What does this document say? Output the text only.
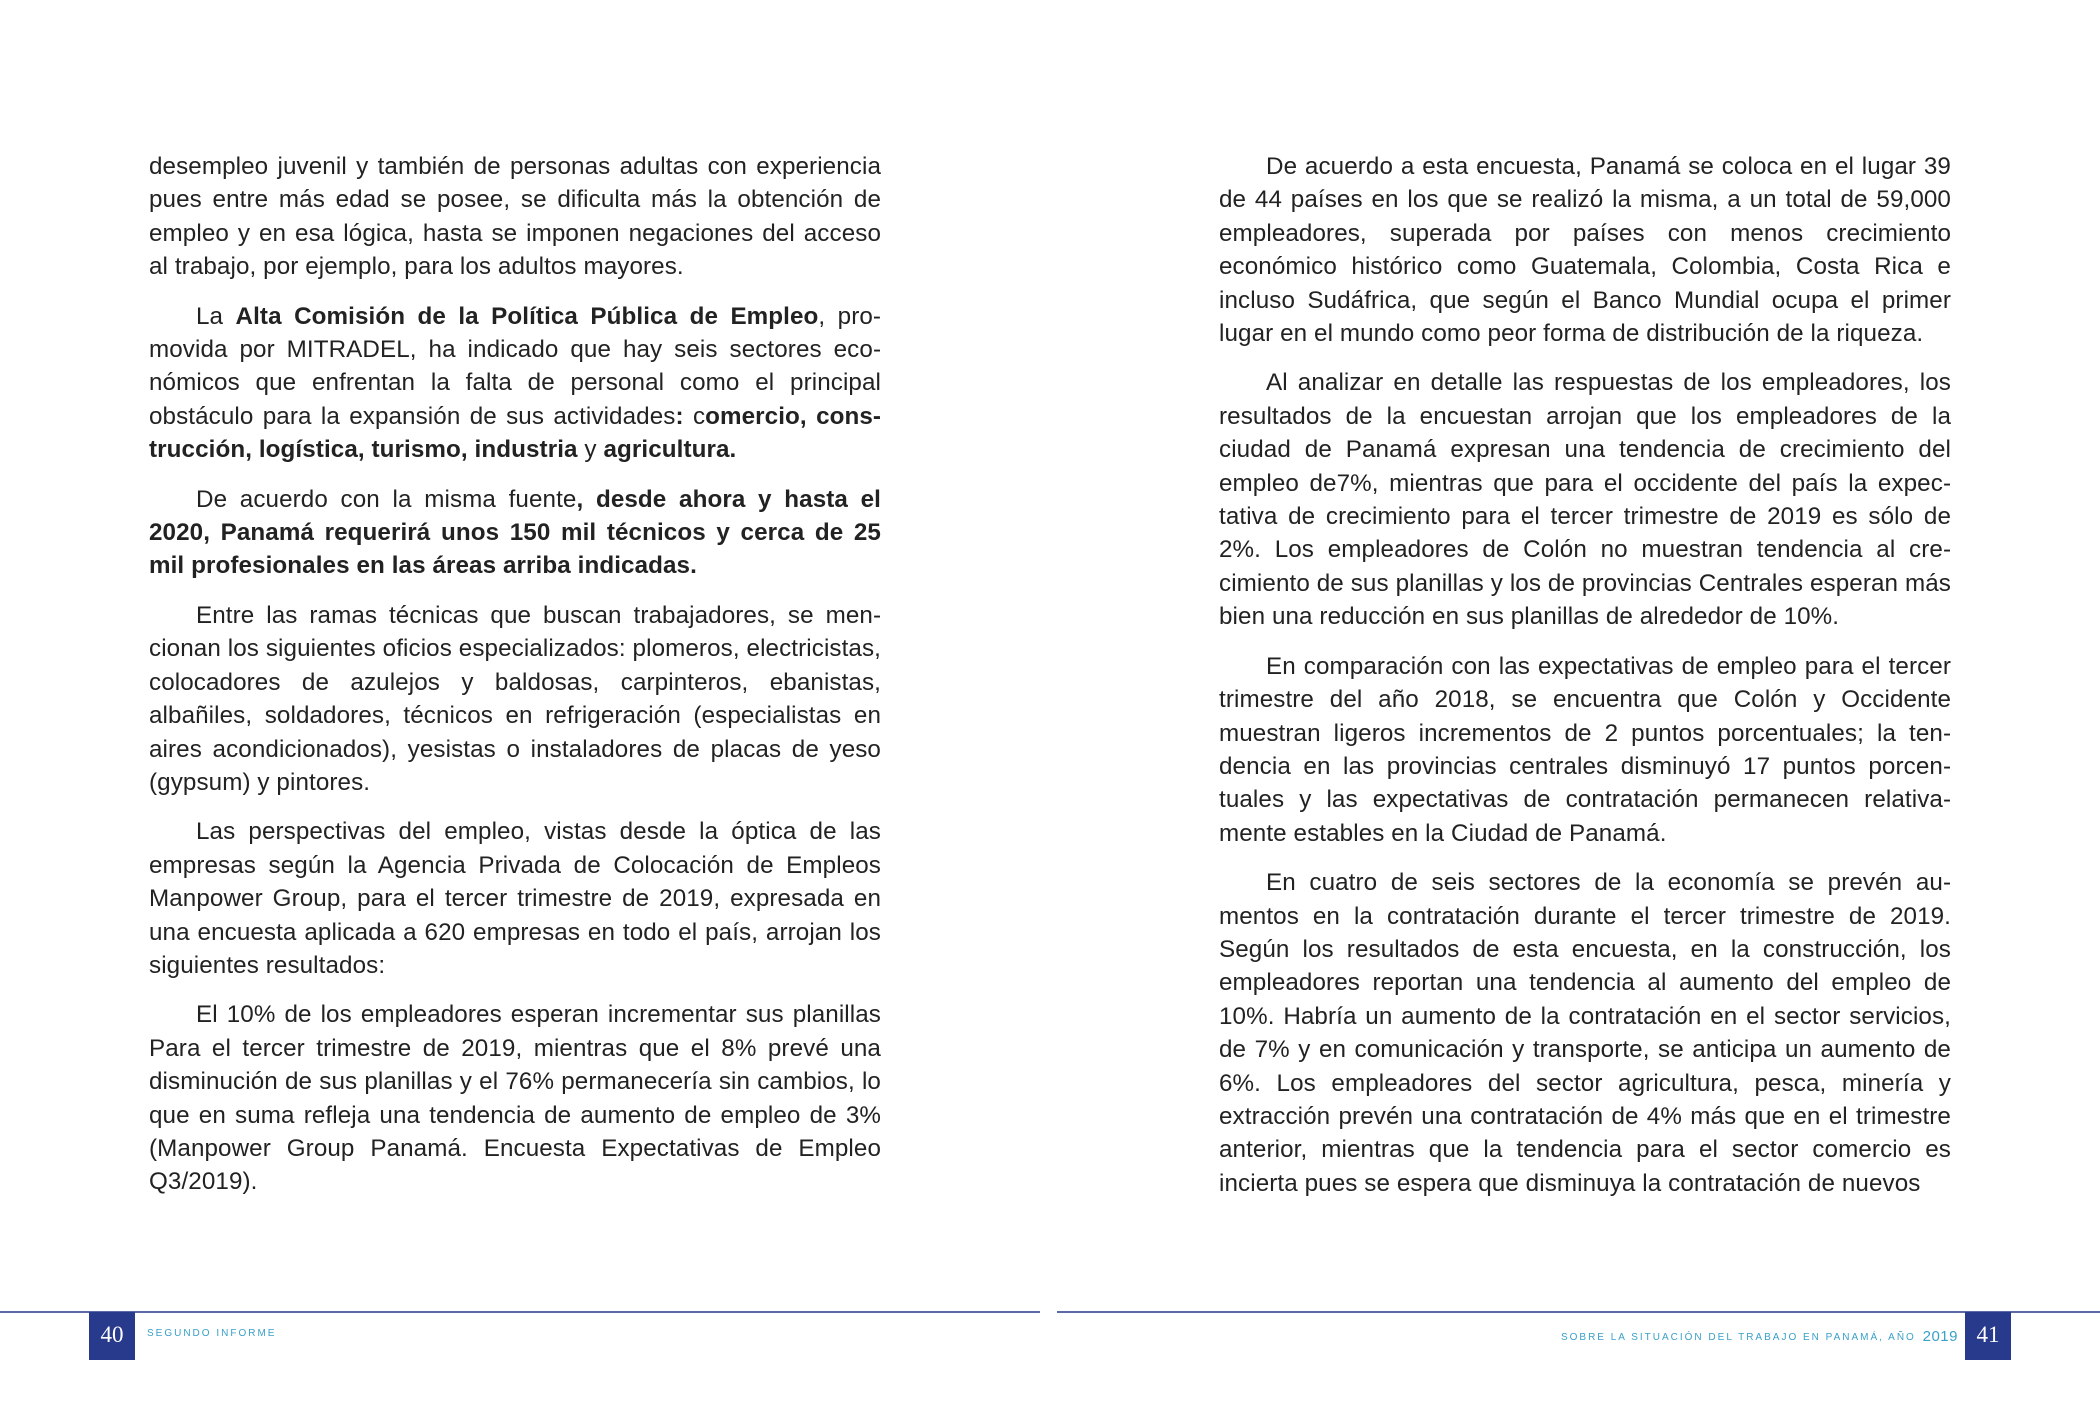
desempleo juvenil y también de personas adultas con experiencia pues entre más edad se posee, se dificulta más la obtención de empleo y en esa lógica, hasta se imponen negaciones del acceso al trabajo, por ejemplo, para los adultos mayores.

La Alta Comisión de la Política Pública de Empleo, promovida por MITRADEL, ha indicado que hay seis sectores económicos que enfrentan la falta de personal como el principal obstáculo para la expansión de sus actividades: comercio, construcción, logística, turismo, industria y agricultura.

De acuerdo con la misma fuente, desde ahora y hasta el 2020, Panamá requerirá unos 150 mil técnicos y cerca de 25 mil profesionales en las áreas arriba indicadas.

Entre las ramas técnicas que buscan trabajadores, se mencionan los siguientes oficios especializados: plomeros, electricistas, colocadores de azulejos y baldosas, carpinteros, ebanistas, albañiles, soldadores, técnicos en refrigeración (especialistas en aires acondicionados), yesistas o instaladores de placas de yeso (gypsum) y pintores.

Las perspectivas del empleo, vistas desde la óptica de las empresas según la Agencia Privada de Colocación de Empleos Manpower Group, para el tercer trimestre de 2019, expresada en una encuesta aplicada a 620 empresas en todo el país, arrojan los siguientes resultados:

El 10% de los empleadores esperan incrementar sus planillas Para el tercer trimestre de 2019, mientras que el 8% prevé una disminución de sus planillas y el 76% permanecería sin cambios, lo que en suma refleja una tendencia de aumento de empleo de 3% (Manpower Group Panamá. Encuesta Expectativas de Empleo Q3/2019).

40	SEGUNDO INFORME

De acuerdo a esta encuesta, Panamá se coloca en el lugar 39 de 44 países en los que se realizó la misma, a un total de 59,000 empleadores, superada por países con menos crecimiento económico histórico como Guatemala, Colombia, Costa Rica e incluso Sudáfrica, que según el Banco Mundial ocupa el primer lugar en el mundo como peor forma de distribución de la riqueza.

Al analizar en detalle las respuestas de los empleadores, los resultados de la encuestan arrojan que los empleadores de la ciudad de Panamá expresan una tendencia de crecimiento del empleo de7%, mientras que para el occidente del país la expectativa de crecimiento para el tercer trimestre de 2019 es sólo de 2%. Los empleadores de Colón no muestran tendencia al crecimiento de sus planillas y los de provincias Centrales esperan más bien una reducción en sus planillas de alrededor de 10%.

En comparación con las expectativas de empleo para el tercer trimestre del año 2018, se encuentra que Colón y Occidente muestran ligeros incrementos de 2 puntos porcentuales; la tendencia en las provincias centrales disminuyó 17 puntos porcentuales y las expectativas de contratación permanecen relativamente estables en la Ciudad de Panamá.

En cuatro de seis sectores de la economía se prevén aumentos en la contratación durante el tercer trimestre de 2019. Según los resultados de esta encuesta, en la construcción, los empleadores reportan una tendencia al aumento del empleo de 10%. Habría un aumento de la contratación en el sector servicios, de 7% y en comunicación y transporte, se anticipa un aumento de 6%. Los empleadores del sector agricultura, pesca, minería y extracción prevén una contratación de 4% más que en el trimestre anterior, mientras que la tendencia para el sector comercio es incierta pues se espera que disminuya la contratación de nuevos

SOBRE LA SITUACIÓN DEL TRABAJO EN PANAMÁ, AÑO 2019 41
